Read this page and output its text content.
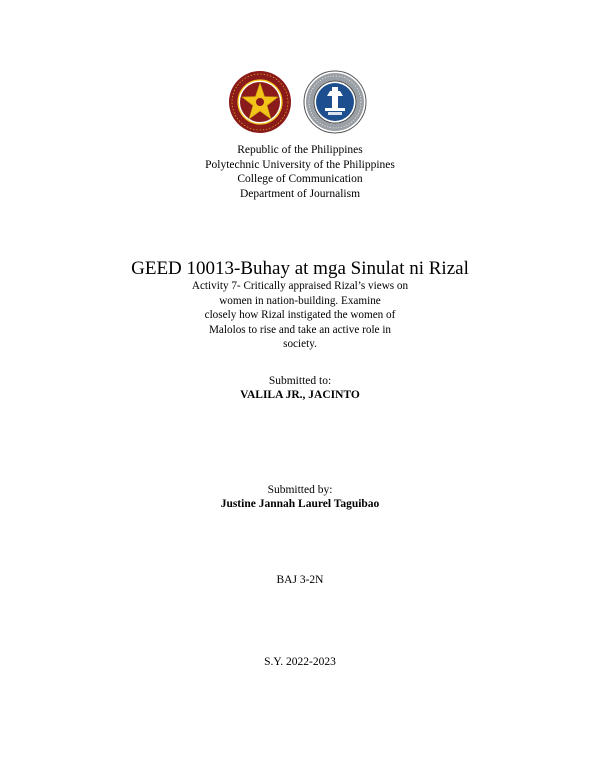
Republic of the Philippines
Polytechnic University of the Philippines
College of Communication
Department of Journalism
GEED 10013-Buhay at mga Sinulat ni Rizal
Activity 7- Critically appraised Rizal’s views on
women in nation-building. Examine
closely how Rizal instigated the women of
Malolos to rise and take an active role in
society.
Submitted to:
VALILA JR., JACINTO
Submitted by:
Justine Jannah Laurel Taguibao
BAJ 3-2N
S.Y. 2022-2023
